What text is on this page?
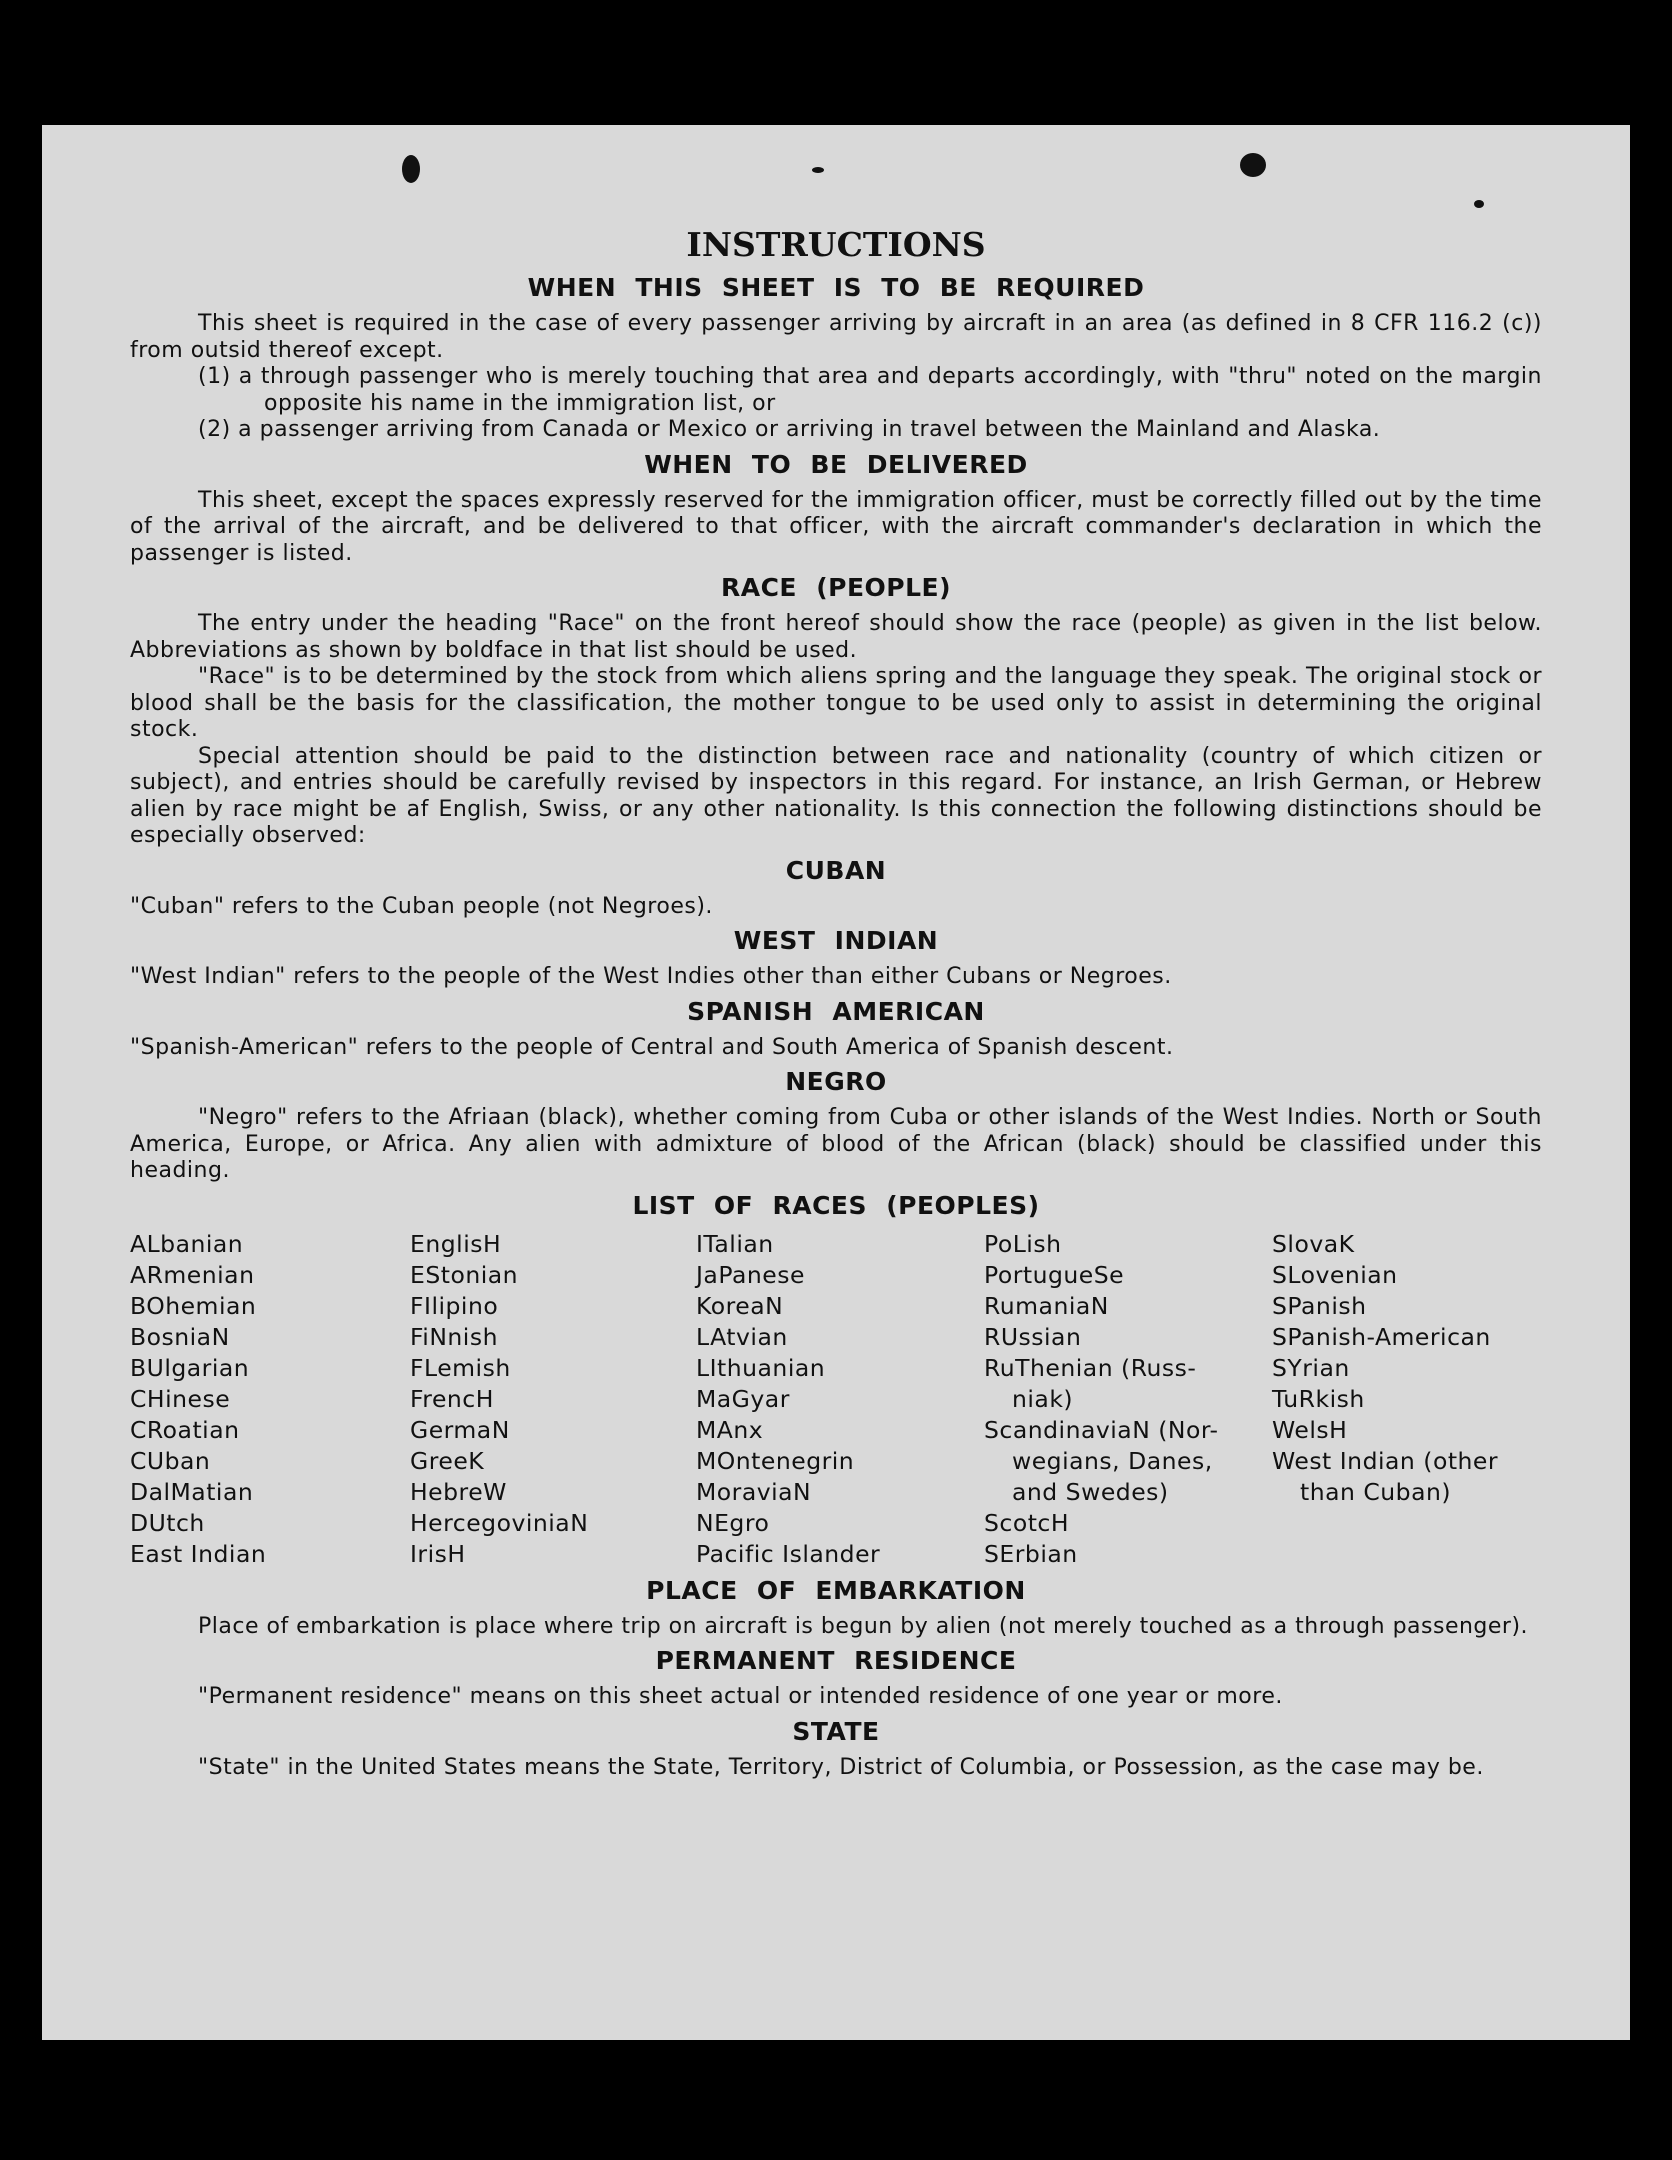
INSTRUCTIONS
WHEN THIS SHEET IS TO BE REQUIRED

This sheet is required in the case of every passenger arriving by aircraft in an area (as defined in 8 CFR 116.2 (c)) from outsid thereof except.

(1) a through passenger who is merely touching that area and departs accordingly, with "thru" noted on the margin opposite his name in the immigration list, or

(2) a passenger arriving from Canada or Mexico or arriving in travel between the Mainland and Alaska.

WHEN TO BE DELIVERED

This sheet, except the spaces expressly reserved for the immigration officer, must be correctly filled out by the time of the arrival of the aircraft, and be delivered to that officer, with the aircraft commander's declaration in which the passenger is listed.

RACE (PEOPLE)

The entry under the heading "Race" on the front hereof should show the race (people) as given in the list below. Abbreviations as shown by boldface in that list should be used.

"Race" is to be determined by the stock from which aliens spring and the language they speak. The original stock or blood shall be the basis for the classification, the mother tongue to be used only to assist in determining the original stock.

Special attention should be paid to the distinction between race and nationality (country of which citizen or subject), and entries should be carefully revised by inspectors in this regard. For instance, an Irish German, or Hebrew alien by race might be af English, Swiss, or any other nationality. Is this connection the following distinctions should be especially observed:

CUBAN

"Cuban" refers to the Cuban people (not Negroes).

WEST INDIAN

"West Indian" refers to the people of the West Indies other than either Cubans or Negroes.

SPANISH AMERICAN

"Spanish-American" refers to the people of Central and South America of Spanish descent.

NEGRO

"Negro" refers to the Afriaan (black), whether coming from Cuba or other islands of the West Indies. North or South America, Europe, or Africa. Any alien with admixture of blood of the African (black) should be classified under this heading.

LIST OF RACES (PEOPLES)
ALbanian
ARmenian
BOhemian
BosniaN
BUlgarian
CHinese
CRoatian
CUban
DalMatian
DUtch
East Indian
EnglisH
EStonian
FIlipino
FiNnish
FLemish
FrencH
GermaN
GreeK
HebreW
HercegoviniaN
IrisH
ITalian
JaPanese
KoreaN
LAtvian
LIthuanian
MaGyar
MAnx
MOntenegrin
MoraviaN
NEgro
Pacific Islander
PoLish
PortugueSe
RumaniaN
RUssian
RuThenian (Russ-
niak)
ScandinaviaN (Nor-
wegians, Danes,
and Swedes)
ScotcH
SErbian
SlovaK
SLovenian
SPanish
SPanish-American
SYrian
TuRkish
WelsH
West Indian (other
than Cuban)
PLACE OF EMBARKATION

Place of embarkation is place where trip on aircraft is begun by alien (not merely touched as a through passenger).

PERMANENT RESIDENCE

"Permanent residence" means on this sheet actual or intended residence of one year or more.

STATE

"State" in the United States means the State, Territory, District of Columbia, or Possession, as the case may be.
